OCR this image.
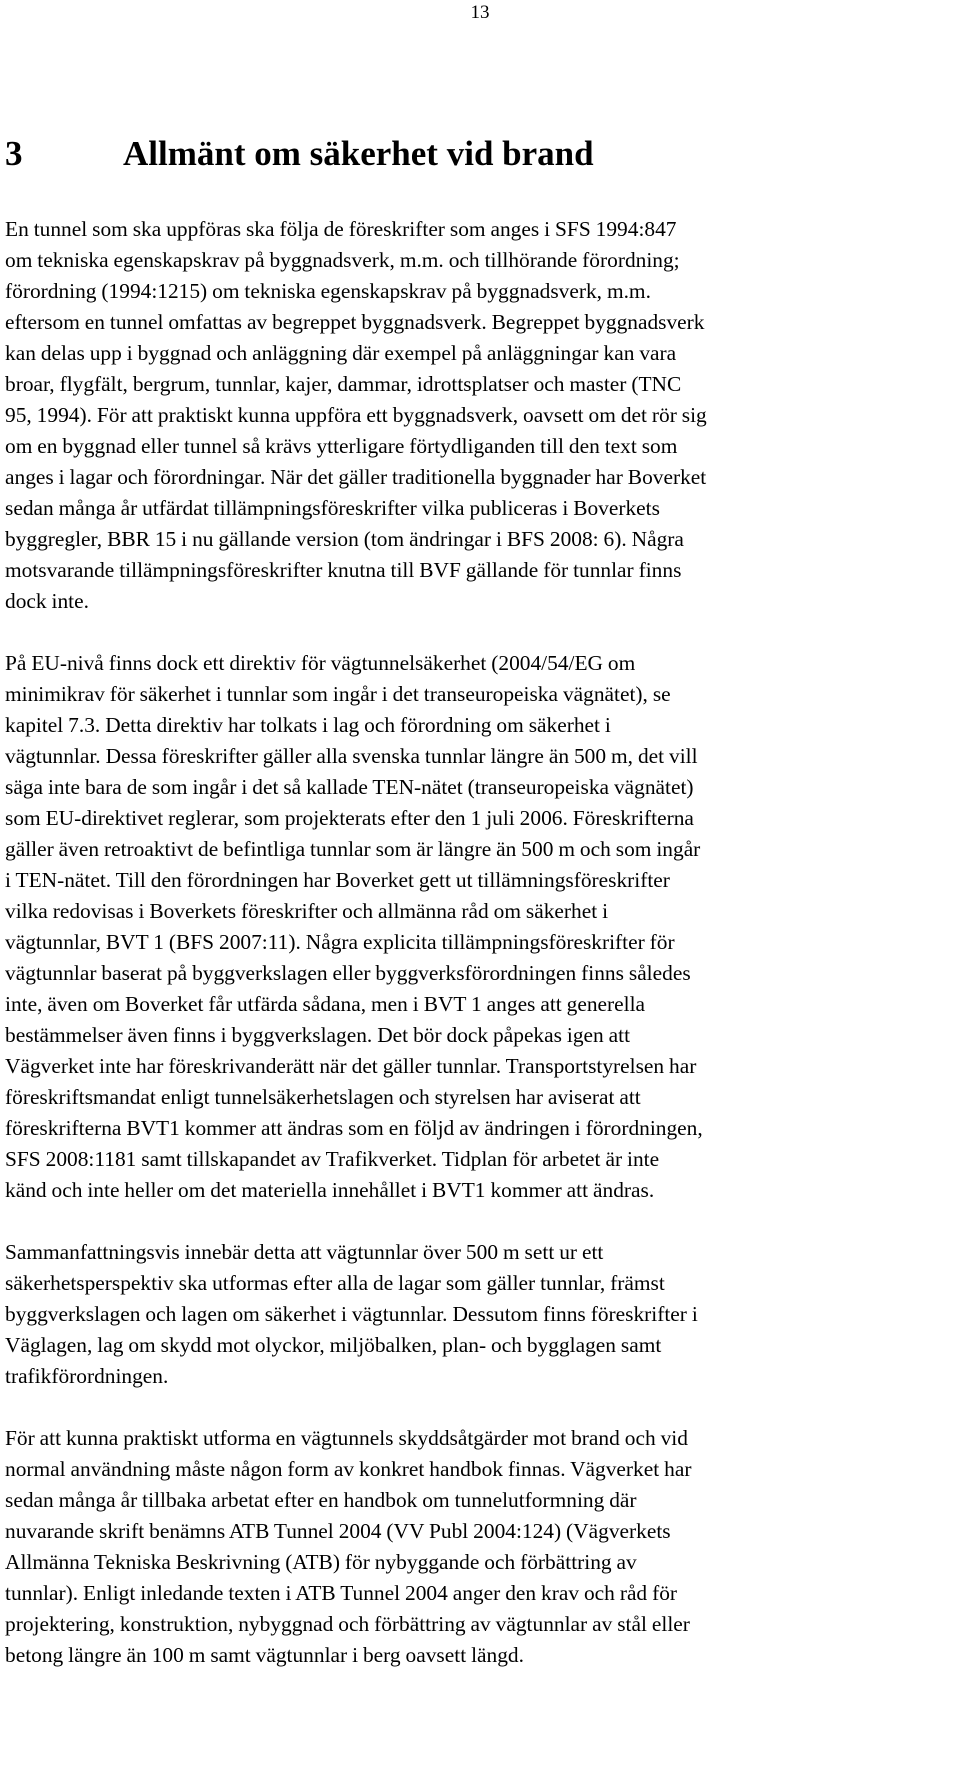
13
3	Allmänt om säkerhet vid brand

En tunnel som ska uppföras ska följa de föreskrifter som anges i SFS 1994:847
om tekniska egenskapskrav på byggnadsverk, m.m. och tillhörande förordning;
förordning (1994:1215) om tekniska egenskapskrav på byggnadsverk, m.m.
eftersom en tunnel omfattas av begreppet byggnadsverk. Begreppet byggnadsverk
kan delas upp i byggnad och anläggning där exempel på anläggningar kan vara
broar, flygfält, bergrum, tunnlar, kajer, dammar, idrottsplatser och master (TNC
95, 1994). För att praktiskt kunna uppföra ett byggnadsverk, oavsett om det rör sig
om en byggnad eller tunnel så krävs ytterligare förtydliganden till den text som
anges i lagar och förordningar. När det gäller traditionella byggnader har Boverket
sedan många år utfärdat tillämpningsföreskrifter vilka publiceras i Boverkets
byggregler, BBR 15 i nu gällande version (tom ändringar i BFS 2008: 6). Några
motsvarande tillämpningsföreskrifter knutna till BVF gällande för tunnlar finns
dock inte.

På EU-nivå finns dock ett direktiv för vägtunnelsäkerhet (2004/54/EG om
minimikrav för säkerhet i tunnlar som ingår i det transeuropeiska vägnätet), se
kapitel 7.3. Detta direktiv har tolkats i lag och förordning om säkerhet i
vägtunnlar. Dessa föreskrifter gäller alla svenska tunnlar längre än 500 m, det vill
säga inte bara de som ingår i det så kallade TEN-nätet (transeuropeiska vägnätet)
som EU-direktivet reglerar, som projekterats efter den 1 juli 2006. Föreskrifterna
gäller även retroaktivt de befintliga tunnlar som är längre än 500 m och som ingår
i TEN-nätet. Till den förordningen har Boverket gett ut tillämningsföreskrifter
vilka redovisas i Boverkets föreskrifter och allmänna råd om säkerhet i
vägtunnlar, BVT 1 (BFS 2007:11). Några explicita tillämpningsföreskrifter för
vägtunnlar baserat på byggverkslagen eller byggverksförordningen finns således
inte, även om Boverket får utfärda sådana, men i BVT 1 anges att generella
bestämmelser även finns i byggverkslagen. Det bör dock påpekas igen att
Vägverket inte har föreskrivanderätt när det gäller tunnlar. Transportstyrelsen har
föreskriftsmandat enligt tunnelsäkerhetslagen och styrelsen har aviserat att
föreskrifterna BVT1 kommer att ändras som en följd av ändringen i förordningen,
SFS 2008:1181 samt tillskapandet av Trafikverket. Tidplan för arbetet är inte
känd och inte heller om det materiella innehållet i BVT1 kommer att ändras.

Sammanfattningsvis innebär detta att vägtunnlar över 500 m sett ur ett
säkerhetsperspektiv ska utformas efter alla de lagar som gäller tunnlar, främst
byggverkslagen och lagen om säkerhet i vägtunnlar. Dessutom finns föreskrifter i
Väglagen, lag om skydd mot olyckor, miljöbalken, plan- och bygglagen samt
trafikförordningen.

För att kunna praktiskt utforma en vägtunnels skyddsåtgärder mot brand och vid
normal användning måste någon form av konkret handbok finnas. Vägverket har
sedan många år tillbaka arbetat efter en handbok om tunnelutformning där
nuvarande skrift benämns ATB Tunnel 2004 (VV Publ 2004:124) (Vägverkets
Allmänna Tekniska Beskrivning (ATB) för nybyggande och förbättring av
tunnlar). Enligt inledande texten i ATB Tunnel 2004 anger den krav och råd för
projektering, konstruktion, nybyggnad och förbättring av vägtunnlar av stål eller
betong längre än 100 m samt vägtunnlar i berg oavsett längd.
